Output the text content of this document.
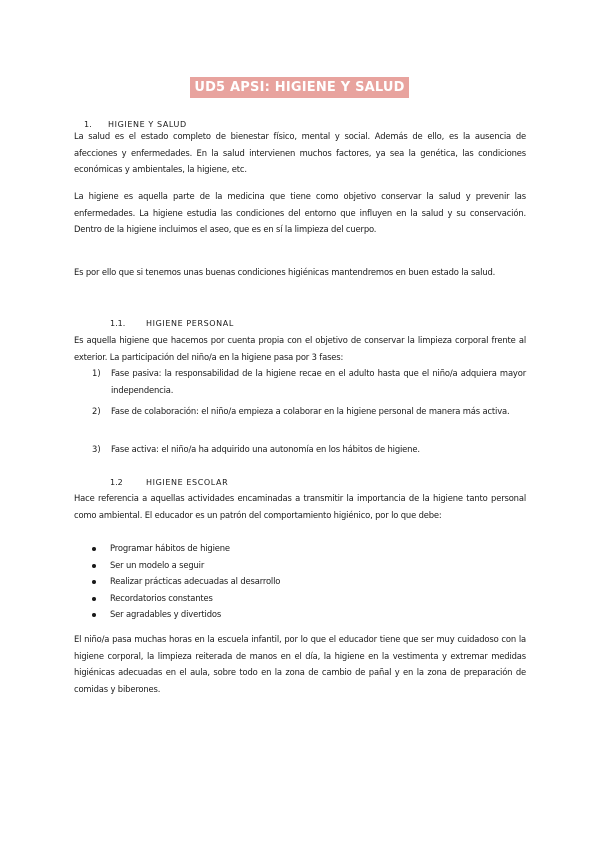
UD5 APSI: HIGIENE Y SALUD
1. HIGIENE Y SALUD

La salud es el estado completo de bienestar físico, mental y social. Además de ello, es la ausencia de afecciones y enfermedades. En la salud intervienen muchos factores, ya sea la genética, las condiciones económicas y ambientales, la higiene, etc.

La higiene es aquella parte de la medicina que tiene como objetivo conservar la salud y prevenir las enfermedades. La higiene estudia las condiciones del entorno que influyen en la salud y su conservación. Dentro de la higiene incluimos el aseo, que es en sí la limpieza del cuerpo.

Es por ello que si tenemos unas buenas condiciones higiénicas mantendremos en buen estado la salud.

1.1.	HIGIENE PERSONAL

Es aquella higiene que hacemos por cuenta propia con el objetivo de conservar la limpieza corporal frente al exterior. La participación del niño/a en la higiene pasa por 3 fases:

1) Fase pasiva: la responsabilidad de la higiene recae en el adulto hasta que el niño/a adquiera mayor independencia.

2) Fase de colaboración: el niño/a empieza a colaborar en la higiene personal de manera más activa.

3) Fase activa: el niño/a ha adquirido una autonomía en los hábitos de higiene.

1.2	HIGIENE ESCOLAR

Hace referencia a aquellas actividades encaminadas a transmitir la importancia de la higiene tanto personal como ambiental. El educador es un patrón del comportamiento higiénico, por lo que debe:

Programar hábitos de higiene
Ser un modelo a seguir
Realizar prácticas adecuadas al desarrollo
Recordatorios constantes
Ser agradables y divertidos

El niño/a pasa muchas horas en la escuela infantil, por lo que el educador tiene que ser muy cuidadoso con la higiene corporal, la limpieza reiterada de manos en el día, la higiene en la vestimenta y extremar medidas higiénicas adecuadas en el aula, sobre todo en la zona de cambio de pañal y en la zona de preparación de comidas y biberones.
